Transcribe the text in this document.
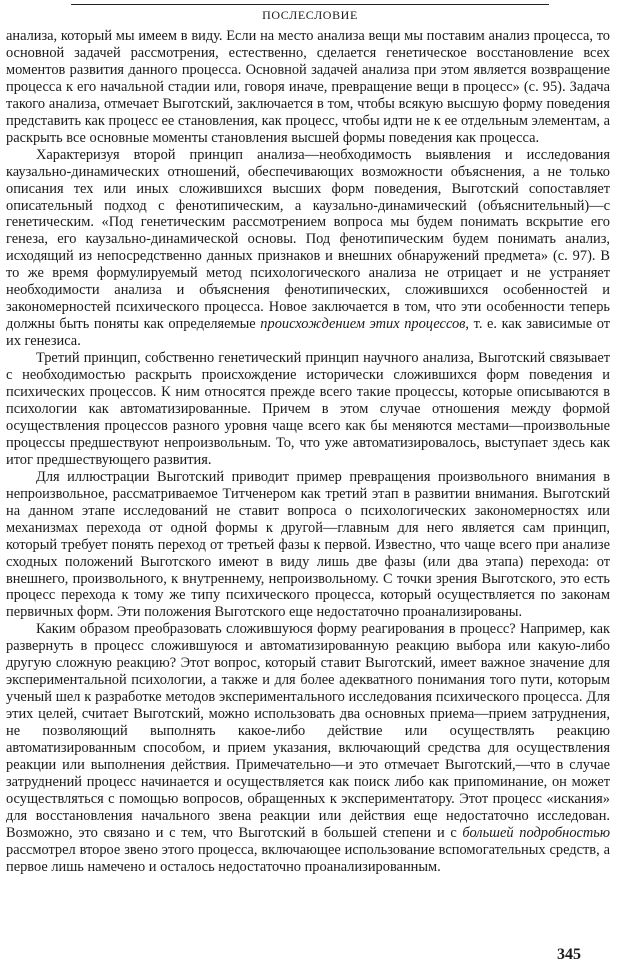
ПОСЛЕСЛОВИЕ

анализа, который мы имеем в виду. Если на место анализа вещи мы поставим анализ процесса, то основной задачей рассмотрения, естественно, сделается генетическое восстановление всех моментов развития данного процесса. Основной задачей анализа при этом является возвращение процесса к его начальной стадии или, говоря иначе, превращение вещи в процесс» (с. 95). Задача такого анализа, отмечает Выготский, заключается в том, чтобы всякую высшую форму поведения представить как процесс ее становления, как процесс, чтобы идти не к ее отдельным элементам, а раскрыть все основные моменты становления высшей формы поведения как процесса.

Характеризуя второй принцип анализа—необходимость выявления и исследования каузально-динамических отношений, обеспечивающих возможности объяснения, а не только описания тех или иных сложившихся высших форм поведения, Выготский сопоставляет описательный подход с фенотипическим, а каузально-динамический (объяснительный)—с генетическим. «Под генетическим рассмотрением вопроса мы будем понимать вскрытие его генеза, его каузально-динамической основы. Под фенотипическим будем понимать анализ, исходящий из непосредственно данных признаков и внешних обнаружений предмета» (с. 97). В то же время формулируемый метод психологического анализа не отрицает и не устраняет необходимости анализа и объяснения фенотипических, сложившихся особенностей и закономерностей психического процесса. Новое заключается в том, что эти особенности теперь должны быть поняты как определяемые происхождением этих процессов, т. е. как зависимые от их генезиса.

Третий принцип, собственно генетический принцип научного анализа, Выготский связывает с необходимостью раскрыть происхождение исторически сложившихся форм поведения и психических процессов. К ним относятся прежде всего такие процессы, которые описываются в психологии как автоматизированные. Причем в этом случае отношения между формой осуществления процессов разного уровня чаще всего как бы меняются местами—произвольные процессы предшествуют непроизвольным. То, что уже автоматизировалось, выступает здесь как итог предшествующего развития.

Для иллюстрации Выготский приводит пример превращения произвольного внимания в непроизвольное, рассматриваемое Титченером как третий этап в развитии внимания. Выготский на данном этапе исследований не ставит вопроса о психологических закономерностях или механизмах перехода от одной формы к другой—главным для него является сам принцип, который требует понять переход от третьей фазы к первой. Известно, что чаще всего при анализе сходных положений Выготского имеют в виду лишь две фазы (или два этапа) перехода: от внешнего, произвольного, к внутреннему, непроизвольному. С точки зрения Выготского, это есть процесс перехода к тому же типу психического процесса, который осуществляется по законам первичных форм. Эти положения Выготского еще недостаточно проанализированы.

Каким образом преобразовать сложившуюся форму реагирования в процесс? Например, как развернуть в процесс сложившуюся и автоматизированную реакцию выбора или какую-либо другую сложную реакцию? Этот вопрос, который ставит Выготский, имеет важное значение для экспериментальной психологии, а также и для более адекватного понимания того пути, которым ученый шел к разработке методов экспериментального исследования психического процесса. Для этих целей, считает Выготский, можно использовать два основных приема—прием затруднения, не позволяющий выполнять какое-либо действие или осуществлять реакцию автоматизированным способом, и прием указания, включающий средства для осуществления реакции или выполнения действия. Примечательно—и это отмечает Выготский,—что в случае затруднений процесс начинается и осуществляется как поиск либо как припоминание, он может осуществляться с помощью вопросов, обращенных к экспериментатору. Этот процесс «искания» для восстановления начального звена реакции или действия еще недостаточно исследован. Возможно, это связано и с тем, что Выготский в большей степени и с большей подробностью рассмотрел второе звено этого процесса, включающее использование вспомогательных средств, а первое лишь намечено и осталось недостаточно проанализированным.

345
